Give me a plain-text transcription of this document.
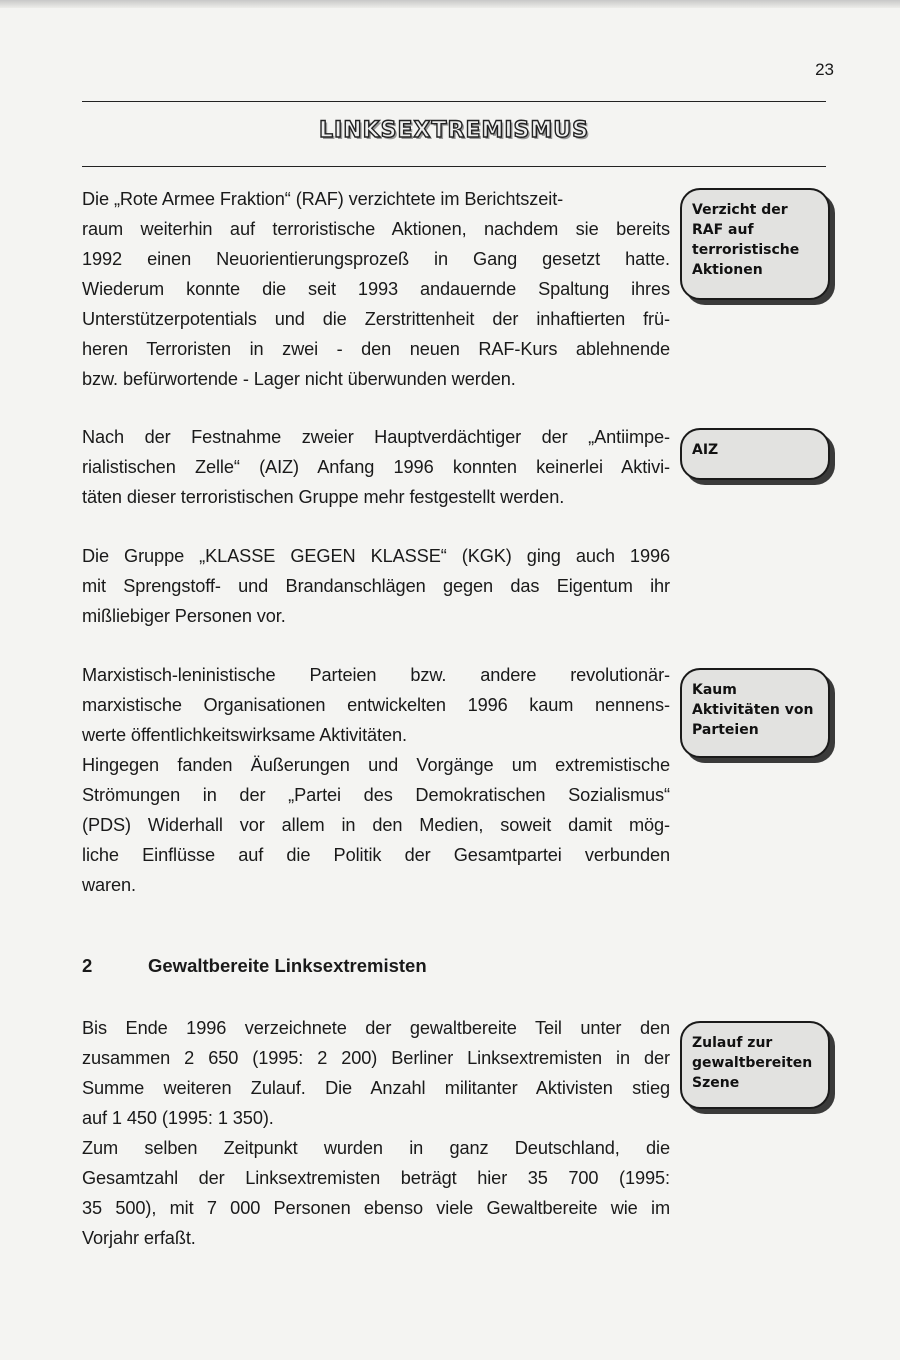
23
LINKSEXTREMISMUS
Die „Rote Armee Fraktion“ (RAF) verzichtete im Berichtszeit-
raum weiterhin auf terroristische Aktionen, nachdem sie bereits
1992 einen Neuorientierungsprozeß in Gang gesetzt hatte.
Wiederum konnte die seit 1993 andauernde Spaltung ihres
Unterstützerpotentials und die Zerstrittenheit der inhaftierten frü-
heren Terroristen in zwei - den neuen RAF-Kurs ablehnende
bzw. befürwortende - Lager nicht überwunden werden.
Nach der Festnahme zweier Hauptverdächtiger der „Antiimpe-
rialistischen Zelle“ (AIZ) Anfang 1996 konnten keinerlei Aktivi-
täten dieser terroristischen Gruppe mehr festgestellt werden.
Die Gruppe „KLASSE GEGEN KLASSE“ (KGK) ging auch 1996
mit Sprengstoff- und Brandanschlägen gegen das Eigentum ihr
mißliebiger Personen vor.
Marxistisch-leninistische Parteien bzw. andere revolutionär-
marxistische Organisationen entwickelten 1996 kaum nennens-
werte öffentlichkeitswirksame Aktivitäten.
Hingegen fanden Äußerungen und Vorgänge um extremistische
Strömungen in der „Partei des Demokratischen Sozialismus“
(PDS) Widerhall vor allem in den Medien, soweit damit mög-
liche Einflüsse auf die Politik der Gesamtpartei verbunden
waren.
2	Gewaltbereite Linksextremisten
Bis Ende 1996 verzeichnete der gewaltbereite Teil unter den
zusammen 2 650 (1995: 2 200) Berliner Linksextremisten in der
Summe weiteren Zulauf. Die Anzahl militanter Aktivisten stieg
auf 1 450 (1995: 1 350).
Zum selben Zeitpunkt wurden in ganz Deutschland, die
Gesamtzahl der Linksextremisten beträgt hier 35 700 (1995:
35 500), mit 7 000 Personen ebenso viele Gewaltbereite wie im
Vorjahr erfaßt.
Verzicht der
RAF auf
terroristische
Aktionen
AIZ
Kaum
Aktivitäten von
Parteien
Zulauf zur
gewaltbereiten
Szene
